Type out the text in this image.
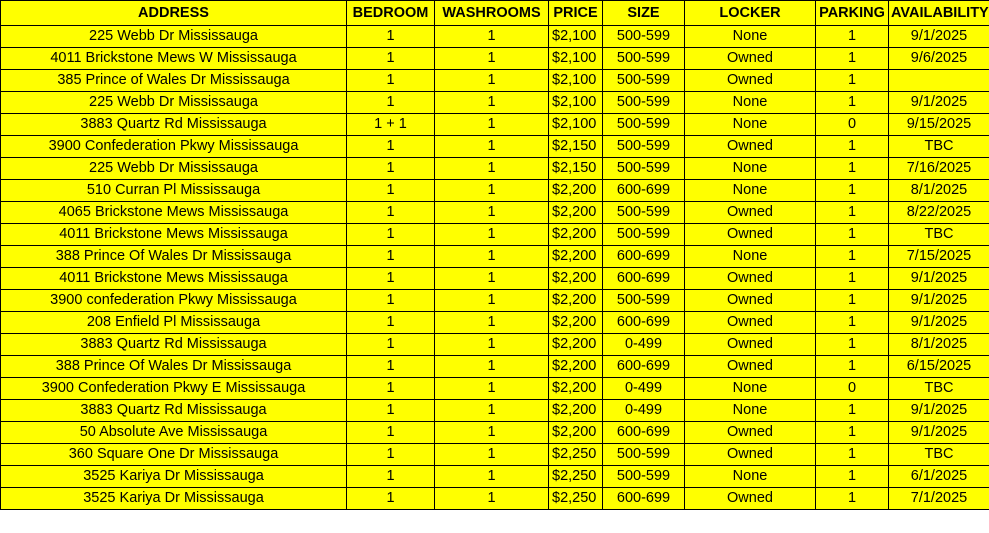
ADDRESS	BEDROOM	WASHROOMS	PRICE	SIZE	LOCKER	PARKING	AVAILABILITY
225 Webb Dr Mississauga	1	1	$2,100	500-599	None	1	9/1/2025
4011 Brickstone Mews W Mississauga	1	1	$2,100	500-599	Owned	1	9/6/2025
385 Prince of Wales Dr Mississauga	1	1	$2,100	500-599	Owned	1	
225 Webb Dr Mississauga	1	1	$2,100	500-599	None	1	9/1/2025
3883 Quartz Rd Mississauga	1 + 1	1	$2,100	500-599	None	0	9/15/2025
3900 Confederation Pkwy Mississauga	1	1	$2,150	500-599	Owned	1	TBC
225 Webb Dr Mississauga	1	1	$2,150	500-599	None	1	7/16/2025
510 Curran Pl Mississauga	1	1	$2,200	600-699	None	1	8/1/2025
4065 Brickstone Mews Mississauga	1	1	$2,200	500-599	Owned	1	8/22/2025
4011 Brickstone Mews Mississauga	1	1	$2,200	500-599	Owned	1	TBC
388 Prince Of Wales Dr Mississauga	1	1	$2,200	600-699	None	1	7/15/2025
4011 Brickstone Mews Mississauga	1	1	$2,200	600-699	Owned	1	9/1/2025
3900 confederation Pkwy Mississauga	1	1	$2,200	500-599	Owned	1	9/1/2025
208 Enfield Pl Mississauga	1	1	$2,200	600-699	Owned	1	9/1/2025
3883 Quartz Rd Mississauga	1	1	$2,200	0-499	Owned	1	8/1/2025
388 Prince Of Wales Dr Mississauga	1	1	$2,200	600-699	Owned	1	6/15/2025
3900 Confederation Pkwy E Mississauga	1	1	$2,200	0-499	None	0	TBC
3883 Quartz Rd Mississauga	1	1	$2,200	0-499	None	1	9/1/2025
50 Absolute Ave Mississauga	1	1	$2,200	600-699	Owned	1	9/1/2025
360 Square One Dr Mississauga	1	1	$2,250	500-599	Owned	1	TBC
3525 Kariya Dr Mississauga	1	1	$2,250	500-599	None	1	6/1/2025
3525 Kariya Dr Mississauga	1	1	$2,250	600-699	Owned	1	7/1/2025
